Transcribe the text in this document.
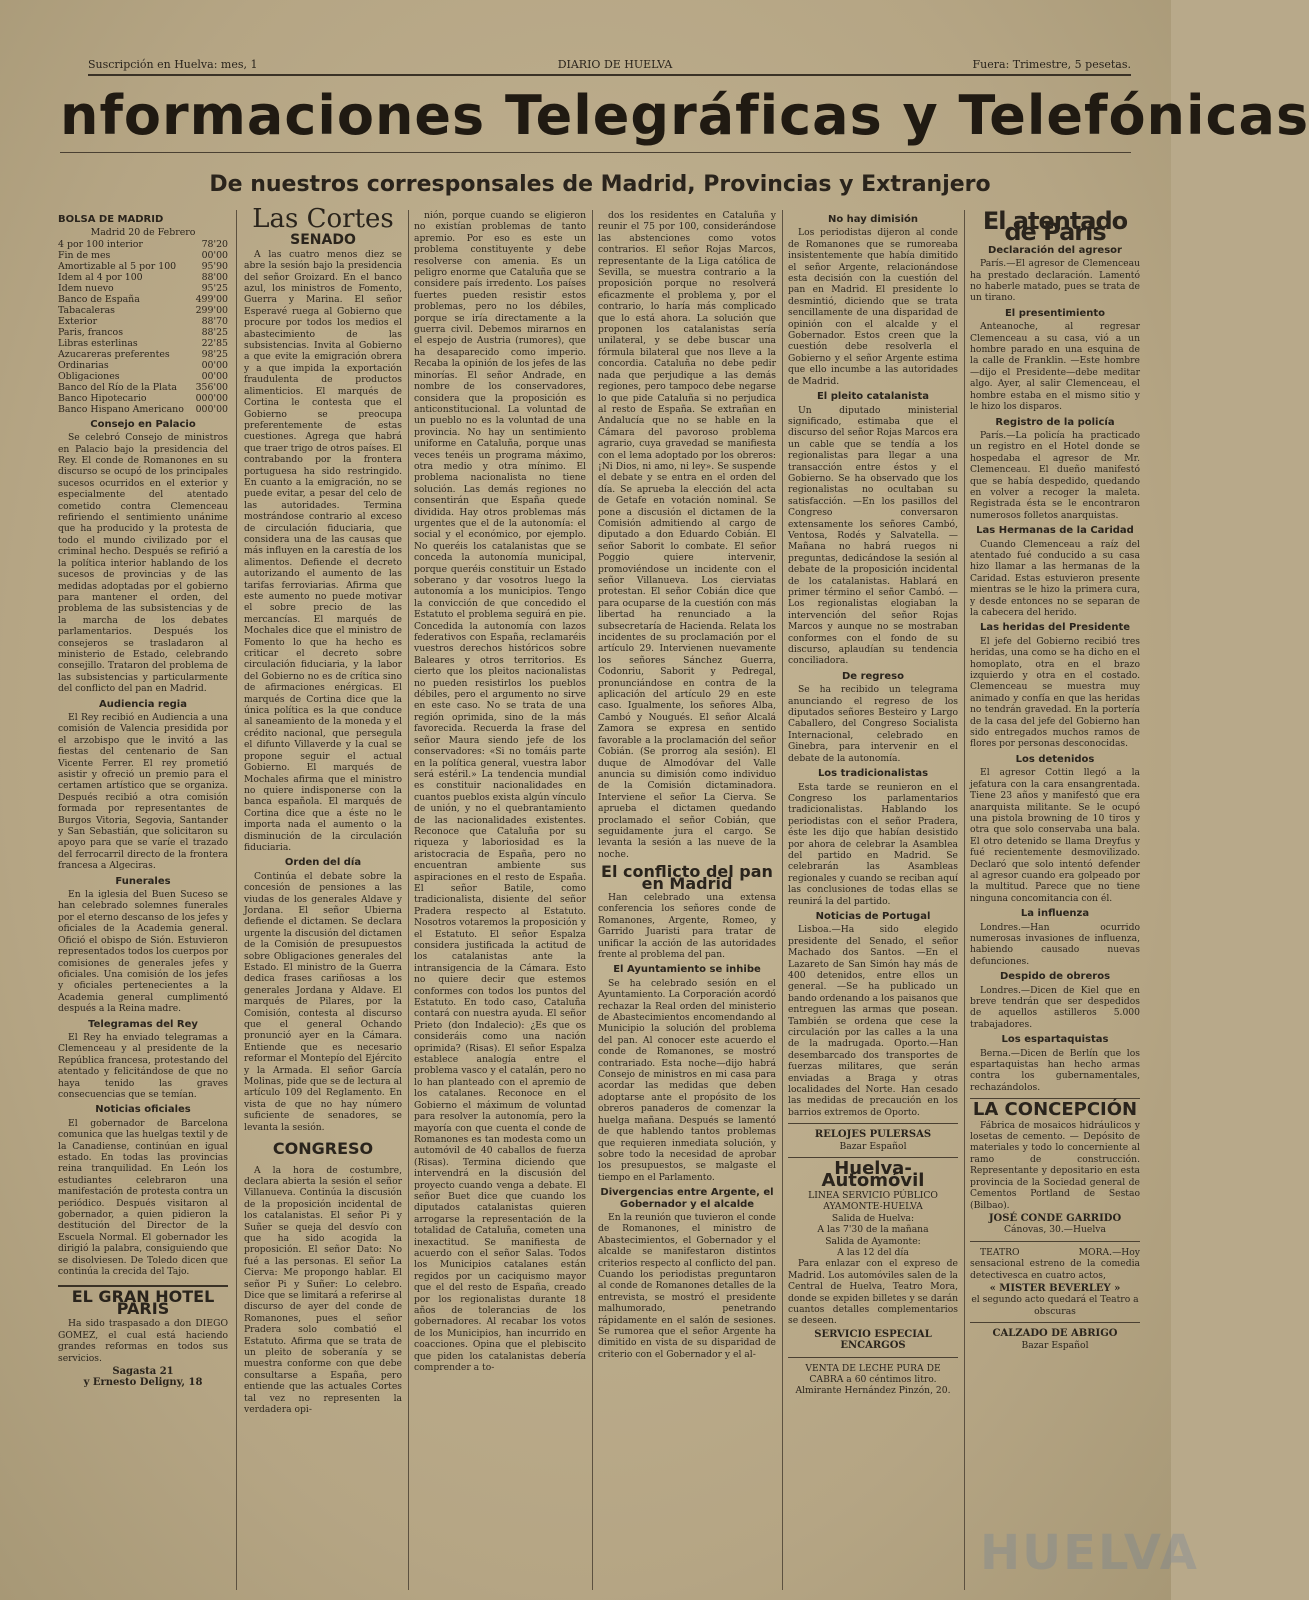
Suscripción en Huelva: mes, 1	DIARIO DE HUELVA	Fuera: Trimestre, 5 pesetas.
nformaciones Telegráficas y Telefónicas
De nuestros corresponsales de Madrid, Provincias y Extranjero
BOLSA DE MADRID
Madrid 20 de Febrero
4 por 100 interior	78'20
Fin de mes	00'00
Amortizable al 5 por 100	95'90
Idem al 4 por 100	88'00
Idem nuevo	95'25
Banco de España	499'00
Tabacaleras	299'00
Exterior	88'70
Paris, francos	88'25
Libras esterlinas	22'85
Azucareras preferentes	98'25
Ordinarias	00'00
Obligaciones	00'00
Banco del Río de la Plata 356'00
Banco Hipotecario	000'00
Banco Hispano Americano 000'00
Consejo en Palacio

Se celebró Consejo de ministros en Palacio bajo la presidencia del Rey. El conde de Romanones en su discurso se ocupó de los principales sucesos ocurridos en el exterior y especialmente del atentado cometido contra Clemenceau refiriendo el sentimiento unánime que ha producido y la protesta de todo el mundo civilizado por el criminal hecho. Después se refirió a la política interior hablando de los sucesos de provincias y de las medidas adoptadas por el gobierno para mantener el orden, del problema de las subsistencias y de la marcha de los debates parlamentarios. Después los consejeros se trasladaron al ministerio de Estado, celebrando consejillo. Trataron del problema de las subsistencias y particularmente del conflicto del pan en Madrid.

Audiencia regia

El Rey recibió en Audiencia a una comisión de Valencia presidida por el arzobispo que le invitó a las fiestas del centenario de San Vicente Ferrer. El rey prometió asistir y ofreció un premio para el certamen artístico que se organiza. Después recibió a otra comisión formada por representantes de Burgos Vitoria, Segovia, Santander y San Sebastián, que solicitaron su apoyo para que se varíe el trazado del ferrocarril directo de la frontera francesa a Algeciras.

Funerales

En la iglesia del Buen Suceso se han celebrado solemnes funerales por el eterno descanso de los jefes y oficiales de la Academia general. Ofició el obispo de Sión. Estuvieron representados todos los cuerpos por comisiones de generales jefes y oficiales. Una comisión de los jefes y oficiales pertenecientes a la Academia general cumplimentó después a la Reina madre.

Telegramas del Rey

El Rey ha enviado telegramas a Clemenceau y al presidente de la República francesa, protestando del atentado y felicitándose de que no haya tenido las graves consecuencias que se temían.

Noticias oficiales

El gobernador de Barcelona comunica que las huelgas textil y de la Canadiense, continúan en igual estado. En todas las provincias reina tranquilidad. En León los estudiantes celebraron una manifestación de protesta contra un periódico. Después visitaron al gobernador, a quien pidieron la destitución del Director de la Escuela Normal. El gobernador les dirigió la palabra, consiguiendo que se disolviesen. De Toledo dicen que continúa la crecida del Tajo.

EL GRAN HOTEL PARIS

Ha sido traspasado a don DIEGO GOMEZ, el cual está haciendo grandes reformas en todos sus servicios.

Sagasta 21
y Ernesto Deligny, 18
Las Cortes
SENADO

A las cuatro menos diez se abre la sesión bajo la presidencia del señor Groizard. En el banco azul, los ministros de Fomento, Guerra y Marina. El señor Esperavé ruega al Gobierno que procure por todos los medios el abastecimiento de las subsistencias. Invita al Gobierno a que evite la emigración obrera y a que impida la exportación fraudulenta de productos alimenticios. El marqués de Cortina le contesta que el Gobierno se preocupa preferentemente de estas cuestiones. Agrega que habrá que traer trigo de otros países. El contrabando por la frontera portuguesa ha sido restringido. En cuanto a la emigración, no se puede evitar, a pesar del celo de las autoridades. Termina mostrándose contrario al exceso de circulación fiduciaria, que considera una de las causas que más influyen en la carestía de los alimentos. Defiende el decreto autorizando el aumento de las tarifas ferroviarias. Afirma que este aumento no puede motivar el sobre precio de las mercancías. El marqués de Mochales dice que el ministro de Fomento lo que ha hecho es criticar el decreto sobre circulación fiduciaria, y la labor del Gobierno no es de crítica sino de afirmaciones enérgicas. El marqués de Cortina dice que la única política es la que conduce al saneamiento de la moneda y el crédito nacional, que persegula el difunto Villaverde y la cual se propone seguir el actual Gobierno. El marqués de Mochales afirma que el ministro no quiere indisponerse con la banca española. El marqués de Cortina dice que a éste no le importa nada el aumento o la disminución de la circulación fiduciaria.

Orden del día

Continúa el debate sobre la concesión de pensiones a las viudas de los generales Aldave y Jordana. El señor Ubierna defiende el dictamen. Se declara urgente la discusión del dictamen de la Comisión de presupuestos sobre Obligaciones generales del Estado. El ministro de la Guerra dedica frases cariñosas a los generales Jordana y Aldave. El marqués de Pilares, por la Comisión, contesta al discurso que el general Ochando pronunció ayer en la Cámara. Entiende que es necesario reformar el Montepío del Ejército y la Armada. El señor García Molinas, pide que se de lectura al artículo 109 del Reglamento. En vista de que no hay número suficiente de senadores, se levanta la sesión.

CONGRESO

A la hora de costumbre, declara abierta la sesión el señor Villanueva. Continúa la discusión de la proposición incidental de los catalanistas. El señor Pi y Suñer se queja del desvío con que ha sido acogida la proposición. El señor Dato: No fué a las personas. El señor La Cierva: Me propongo hablar. El señor Pi y Suñer: Lo celebro. Dice que se limitará a referirse al discurso de ayer del conde de Romanones, pues el señor Pradera solo combatió el Estatuto. Afirma que se trata de un pleito de soberanía y se muestra conforme con que debe consultarse a España, pero entiende que las actuales Cortes tal vez no representen la verdadera opi-

nión, porque cuando se eligieron no existían problemas de tanto apremio. Por eso es este un problema constituyente y debe resolverse con amenia. Es un peligro enorme que Cataluña que se considere país irredento. Los países fuertes pueden resistir estos problemas, pero no los débiles, porque se iría directamente a la guerra civil. Debemos mirarnos en el espejo de Austria (rumores), que ha desaparecido como imperio. Recaba la opinión de los jefes de las minorías. El señor Andrade, en nombre de los conservadores, considera que la proposición es anticonstitucional. La voluntad de un pueblo no es la voluntad de una provincia. No hay un sentimiento uniforme en Cataluña, porque unas veces tenéis un programa máximo, otra medio y otra mínimo. El problema nacionalista no tiene solución. Las demás regiones no consentirán que España quede dividida. Hay otros problemas más urgentes que el de la autonomía: el social y el económico, por ejemplo. No queréis los catalanistas que se conceda la autonomía municipal, porque queréis constituir un Estado soberano y dar vosotros luego la autonomía a los municipios. Tengo la convicción de que concedido el Estatuto el problema seguirá en pie. Concedida la autonomía con lazos federativos con España, reclamaréis vuestros derechos históricos sobre Baleares y otros territorios. Es cierto que los pleitos nacionalistas no pueden resistirlos los pueblos débiles, pero el argumento no sirve en este caso. No se trata de una región oprimida, sino de la más favorecida. Recuerda la frase del señor Maura siendo jefe de los conservadores: «Si no tomáis parte en la política general, vuestra labor será estéril.» La tendencia mundial es constituir nacionalidades en cuantos pueblos exista algún vínculo de unión, y no el quebrantamiento de las nacionalidades existentes. Reconoce que Cataluña por su riqueza y laboriosidad es la aristocracia de España, pero no encuentran ambiente sus aspiraciones en el resto de España. El señor Batile, como tradicionalista, disiente del señor Pradera respecto al Estatuto. Nosotros votaremos la proposición y el Estatuto. El señor Espalza considera justificada la actitud de los catalanistas ante la intransigencia de la Cámara. Esto no quiere decir que estemos conformes con todos los puntos del Estatuto. En todo caso, Cataluña contará con nuestra ayuda. El señor Prieto (don Indalecio): ¿Es que os consideráis como una nación oprimida? (Risas). El señor Espalza establece analogía entre el problema vasco y el catalán, pero no lo han planteado con el apremio de los catalanes. Reconoce en el Gobierno el máximum de voluntad para resolver la autonomía, pero la mayoría con que cuenta el conde de Romanones es tan modesta como un automóvil de 40 caballos de fuerza (Risas). Termina diciendo que intervendrá en la discusión del proyecto cuando venga a debate. El señor Buet dice que cuando los diputados catalanistas quieren arrogarse la representación de la totalidad de Cataluña, cometen una inexactitud. Se manifiesta de acuerdo con el señor Salas. Todos los Municipios catalanes están regidos por un caciquismo mayor que el del resto de España, creado por los regionalistas durante 18 años de tolerancias de los gobernadores. Al recabar los votos de los Municipios, han incurrido en coacciones. Opina que el plebiscito que piden los catalanistas debería comprender a to-

dos los residentes en Cataluña y reunir el 75 por 100, considerándose las abstenciones como votos contrarios. El señor Rojas Marcos, representante de la Liga católica de Sevilla, se muestra contrario a la proposición porque no resolverá eficazmente el problema y, por el contrario, lo haría más complicado que lo está ahora. La solución que proponen los catalanistas sería unilateral, y se debe buscar una fórmula bilateral que nos lleve a la concordia. Cataluña no debe pedir nada que perjudique a las demás regiones, pero tampoco debe negarse lo que pide Cataluña si no perjudica al resto de España. Se extrañan en Andalucía que no se hable en la Cámara del pavoroso problema agrario, cuya gravedad se manifiesta con el lema adoptado por los obreros: ¡Ni Dios, ni amo, ni ley». Se suspende el debate y se entra en el orden del día. Se aprueba la elección del acta de Getafe en votación nominal. Se pone a discusión el dictamen de la Comisión admitiendo al cargo de diputado a don Eduardo Cobián. El señor Saborit lo combate. El señor Poggio quiere intervenir, promoviéndose un incidente con el señor Villanueva. Los cierviatas protestan. El señor Cobián dice que para ocuparse de la cuestión con más libertad ha renunciado a la subsecretaría de Hacienda. Relata los incidentes de su proclamación por el artículo 29. Intervienen nuevamente los señores Sánchez Guerra, Codonriu, Saborit y Pedregal, pronunciándose en contra de la aplicación del artículo 29 en este caso. Igualmente, los señores Alba, Cambó y Nougués. El señor Alcalá Zamora se expresa en sentido favorable a la proclamación del señor Cobián. (Se prorrog ala sesión). El duque de Almodóvar del Valle anuncia su dimisión como individuo de la Comisión dictaminadora. Interviene el señor La Cierva. Se aprueba el dictamen quedando proclamado el señor Cobián, que seguidamente jura el cargo. Se levanta la sesión a las nueve de la noche.

El conflicto del pan en Madrid

Han celebrado una extensa conferencia los señores conde de Romanones, Argente, Romeo, y Garrido Juaristi para tratar de unificar la acción de las autoridades frente al problema del pan.

El Ayuntamiento se inhibe

Se ha celebrado sesión en el Ayuntamiento. La Corporación acordó rechazar la Real orden del ministerio de Abastecimientos encomendando al Municipio la solución del problema del pan. Al conocer este acuerdo el conde de Romanones, se mostró contrariado. Esta noche—dijo habrá Consejo de ministros en mi casa para acordar las medidas que deben adoptarse ante el propósito de los obreros panaderos de comenzar la huelga mañana. Después se lamentó de que hablendo tantos problemas que requieren inmediata solución, y sobre todo la necesidad de aprobar los presupuestos, se malgaste el tiempo en el Parlamento.

Divergencias entre Argente, el Gobernador y el alcalde

En la reunión que tuvieron el conde de Romanones, el ministro de Abastecimientos, el Gobernador y el alcalde se manifestaron distintos criterios respecto al conflicto del pan. Cuando los periodistas preguntaron al conde de Romanones detalles de la entrevista, se mostró el presidente malhumorado, penetrando rápidamente en el salón de sesiones. Se rumorea que el señor Argente ha dimitido en vista de su disparidad de criterio con el Gobernador y el al-

No hay dimisión

Los periodistas dijeron al conde de Romanones que se rumoreaba insistentemente que había dimitido el señor Argente, relacionándose esta decisión con la cuestión del pan en Madrid. El presidente lo desmintió, diciendo que se trata sencillamente de una disparidad de opinión con el alcalde y el Gobernador. Estos creen que la cuestión debe resolverla el Gobierno y el señor Argente estima que ello incumbe a las autoridades de Madrid.

El pleito catalanista

Un diputado ministerial significado, estimaba que el discurso del señor Rojas Marcos era un cable que se tendía a los regionalistas para llegar a una transacción entre éstos y el Gobierno. Se ha observado que los regionalistas no ocultaban su satisfacción. —En los pasillos del Congreso conversaron extensamente los señores Cambó, Ventosa, Rodés y Salvatella. —Mañana no habrá ruegos ni preguntas, dedicándose la sesión al debate de la proposición incidental de los catalanistas. Hablará en primer término el señor Cambó. —Los regionalistas elogiaban la intervención del señor Rojas Marcos y aunque no se mostraban conformes con el fondo de su discurso, aplaudían su tendencia conciliadora.

De regreso

Se ha recibido un telegrama anunciando el regreso de los diputados señores Besteiro y Largo Caballero, del Congreso Socialista Internacional, celebrado en Ginebra, para intervenir en el debate de la autonomía.

Los tradicionalistas

Esta tarde se reunieron en el Congreso los parlamentarios tradicionalistas. Hablando los periodistas con el señor Pradera, éste les dijo que habían desistido por ahora de celebrar la Asamblea del partido en Madrid. Se celebrarán las Asambleas regionales y cuando se reciban aquí las conclusiones de todas ellas se reunirá la del partido.

Noticias de Portugal

Lisboa.—Ha sido elegido presidente del Senado, el señor Machado dos Santos. —En el Lazareto de San Simón hay más de 400 detenidos, entre ellos un general. —Se ha publicado un bando ordenando a los paisanos que entreguen las armas que posean. También se ordena que cese la circulación por las calles a la una de la madrugada. Oporto.—Han desembarcado dos transportes de fuerzas militares, que serán enviadas a Braga y otras localidades del Norte. Han cesado las medidas de precaución en los barrios extremos de Oporto.

RELOJES PULERSAS
Bazar Español
Huelva-Automóvil
LINEA SERVICIO PÚBLICO
AYAMONTE-HUELVA
Salida de Huelva:
A las 7'30 de la mañana
Salida de Ayamonte:
A las 12 del día

Para enlazar con el expreso de Madrid. Los automóviles salen de la Central de Huelva, Teatro Mora, donde se expiden billetes y se darán cuantos detalles complementarios se deseen.

SERVICIO ESPECIAL ENCARGOS
VENTA DE LECHE PURA DE CABRA a 60 céntimos litro. Almirante Hernández Pinzón, 20.
El atentado de París
Declaración del agresor

París.—El agresor de Clemenceau ha prestado declaración. Lamentó no haberle matado, pues se trata de un tirano.

El presentimiento

Anteanoche, al regresar Clemenceau a su casa, vió a un hombre parado en una esquina de la calle de Franklin. —Este hombre—dijo el Presidente—debe meditar algo. Ayer, al salir Clemenceau, el hombre estaba en el mismo sitio y le hizo los disparos.

Registro de la policía

París.—La policía ha practicado un registro en el Hotel donde se hospedaba el agresor de Mr. Clemenceau. El dueño manifestó que se había despedido, quedando en volver a recoger la maleta. Registrada ésta se le encontraron numerosos folletos anarquistas.

Las Hermanas de la Caridad

Cuando Clemenceau a raíz del atentado fué conducido a su casa hizo llamar a las hermanas de la Caridad. Estas estuvieron presente mientras se le hizo la primera cura, y desde entonces no se separan de la cabecera del herido.

Las heridas del Presidente

El jefe del Gobierno recibió tres heridas, una como se ha dicho en el homoplato, otra en el brazo izquierdo y otra en el costado. Clemenceau se muestra muy animado y confía en que las heridas no tendrán gravedad. En la portería de la casa del jefe del Gobierno han sido entregados muchos ramos de flores por personas desconocidas.

Los detenidos

El agresor Cottin llegó a la jefatura con la cara ensangrentada. Tiene 23 años y manifestó que era anarquista militante. Se le ocupó una pistola browning de 10 tiros y otra que solo conservaba una bala. El otro detenido se llama Dreyfus y fué recientemente desmovilizado. Declaró que solo intentó defender al agresor cuando era golpeado por la multitud. Parece que no tiene ninguna concomitancia con él.

La influenza

Londres.—Han ocurrido numerosas invasiones de influenza, habiendo causado nuevas defunciones.

Despido de obreros

Londres.—Dicen de Kiel que en breve tendrán que ser despedidos de aquellos astilleros 5.000 trabajadores.

Los espartaquistas

Berna.—Dicen de Berlín que los espartaquistas han hecho armas contra los gubernamentales, rechazándolos.

LA CONCEPCIÓN

Fábrica de mosaicos hidráulicos y losetas de cemento. — Depósito de materiales y todo lo concerniente al ramo de construcción. Representante y depositario en esta provincia de la Sociedad general de Cementos Portland de Sestao (Bilbao).

JOSÉ CONDE GARRIDO
Cánovas, 30.—Huelva

TEATRO MORA.—Hoy sensacional estreno de la comedia detectivesca en cuatro actos,

« MISTER BEVERLEY »
el segundo acto quedará el Teatro a obscuras
CALZADO DE ABRIGO
Bazar Español
HUELVA
